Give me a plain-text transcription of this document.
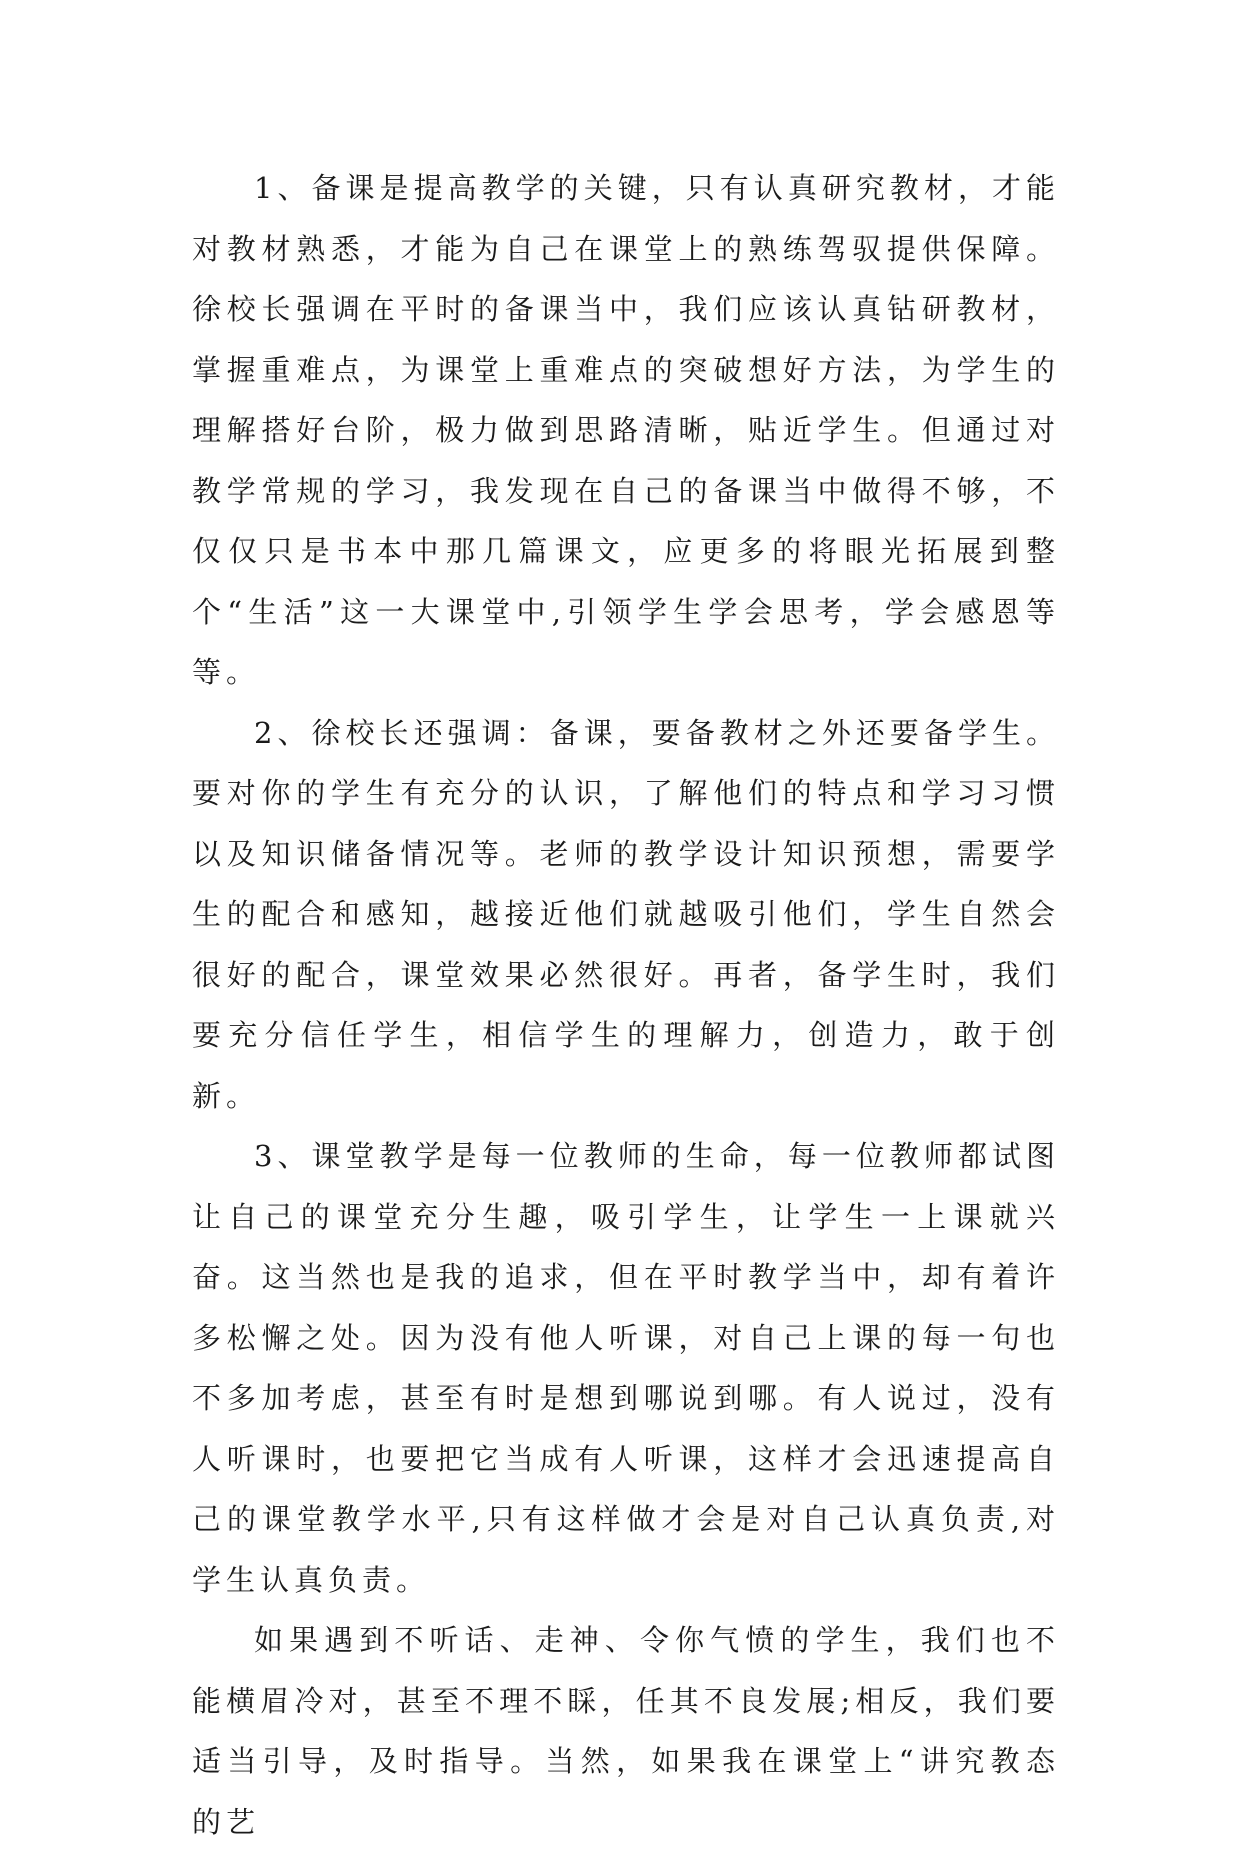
1、备课是提高教学的关键，只有认真研究教材，才能对教材熟悉，才能为自己在课堂上的熟练驾驭提供保障。徐校长强调在平时的备课当中，我们应该认真钻研教材，掌握重难点，为课堂上重难点的突破想好方法，为学生的理解搭好台阶，极力做到思路清晰，贴近学生。但通过对教学常规的学习，我发现在自己的备课当中做得不够，不仅仅只是书本中那几篇课文，应更多的将眼光拓展到整个“生活”这一大课堂中,引领学生学会思考，学会感恩等等。

2、徐校长还强调：备课，要备教材之外还要备学生。要对你的学生有充分的认识，了解他们的特点和学习习惯以及知识储备情况等。老师的教学设计知识预想，需要学生的配合和感知，越接近他们就越吸引他们，学生自然会很好的配合，课堂效果必然很好。再者，备学生时，我们要充分信任学生，相信学生的理解力，创造力，敢于创新。

3、课堂教学是每一位教师的生命，每一位教师都试图让自己的课堂充分生趣，吸引学生，让学生一上课就兴奋。这当然也是我的追求，但在平时教学当中，却有着许多松懈之处。因为没有他人听课，对自己上课的每一句也不多加考虑，甚至有时是想到哪说到哪。有人说过，没有人听课时，也要把它当成有人听课，这样才会迅速提高自己的课堂教学水平,只有这样做才会是对自己认真负责,对学生认真负责。

如果遇到不听话、走神、令你气愤的学生，我们也不能横眉冷对，甚至不理不睬，任其不良发展;相反，我们要适当引导，及时指导。当然，如果我在课堂上“讲究教态的艺
